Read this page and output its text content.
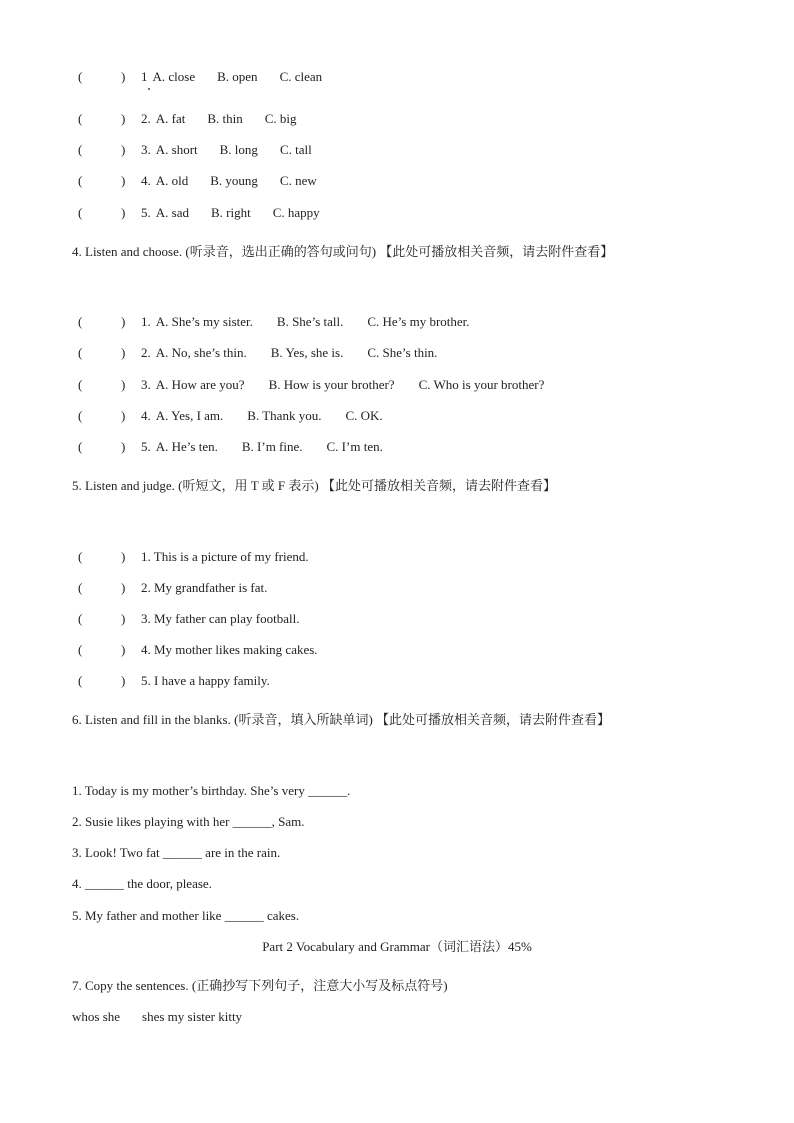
(	) 1 A. close B. open C. clean
(	) 2. A. fat B. thin C. big
(	) 3. A. short B. long C. tall
(	) 4. A. old B. young C. new
(	) 5. A. sad B. right C. happy
4. Listen and choose. (听录音，选出正确的答句或问句) 【此处可播放相关音频，请去附件查看】
(	) 1. A. She’s my sister. B. She’s tall. C. He’s my brother.
(	) 2. A. No, she’s thin. B. Yes, she is. C. She’s thin.
(	) 3. A. How are you? B. How is your brother? C. Who is your brother?
(	) 4. A. Yes, I am. B. Thank you. C. OK.
(	) 5. A. He’s ten. B. I’m fine. C. I’m ten.
5. Listen and judge. (听短文，用 T 或 F 表示) 【此处可播放相关音频，请去附件查看】
(	) 1. This is a picture of my friend.
(	) 2. My grandfather is fat.
(	) 3. My father can play football.
(	) 4. My mother likes making cakes.
(	) 5. I have a happy family.
6. Listen and fill in the blanks. (听录音，填入所缺单词) 【此处可播放相关音频，请去附件查看】
1. Today is my mother’s birthday. She’s very ______.
2. Susie likes playing with her ______, Sam.
3. Look! Two fat ______ are in the rain.
4. ______ the door, please.
5. My father and mother like ______ cakes.
Part 2 Vocabulary and Grammar（词汇语法）45%
7. Copy the sentences. (正确抄写下列句子，注意大小写及标点符号)
whos she shes my sister kitty
